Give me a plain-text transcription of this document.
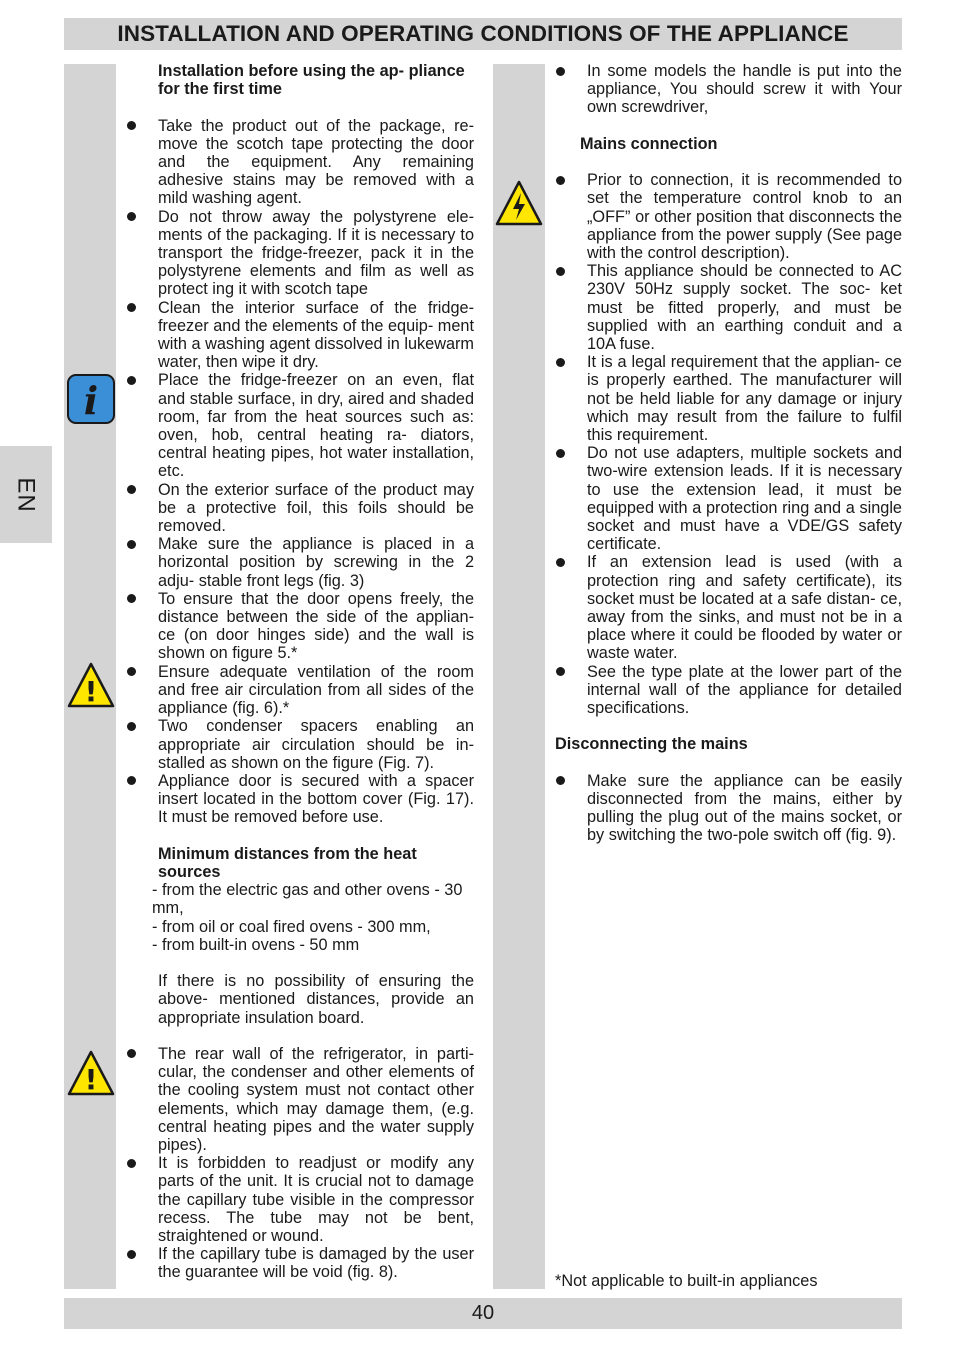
INSTALLATION AND OPERATING CONDITIONS OF THE APPLIANCE
EN
i
!
!

Installation before using the ap- pliance for the first time

Take the product out of the package, re- move the scotch tape protecting the door and the equipment. Any remaining adhesive stains may be removed with a mild washing agent.

Do not throw away the polystyrene ele- ments of the packaging. If it is necessary to transport the fridge-freezer, pack it in the polystyrene elements and film as well as protect ing it with scotch tape

Clean the interior surface of the fridge- freezer and the elements of the equip- ment with a washing agent dissolved in lukewarm water, then wipe it dry.

Place the fridge-freezer on an even, flat and stable surface, in dry, aired and shaded room, far from the heat sources such as: oven, hob, central heating ra- diators, central heating pipes, hot water installation, etc.

On the exterior surface of the product may be a protective foil, this foils should be removed.

Make sure the appliance is placed in a horizontal position by screwing in the 2 adju- stable front legs (fig. 3)

To ensure that the door opens freely, the distance between the side of the applian- ce (on door hinges side) and the wall is shown on figure 5.*

Ensure adequate ventilation of the room and free air circulation from all sides of the appliance (fig. 6).*

Two condenser spacers enabling an appropriate air circulation should be in- stalled as shown on the figure (Fig. 7).

Appliance door is secured with a spacer insert located in the bottom cover (Fig. 17). It must be removed before use.

Minimum distances from the heat sources

- from the electric gas and other ovens - 30 mm,

- from oil or coal fired ovens - 300 mm,

- from built-in ovens - 50 mm

If there is no possibility of ensuring the above- mentioned distances, provide an appropriate insulation board.

The rear wall of the refrigerator, in parti- cular, the condenser and other elements of the cooling system must not contact other elements, which may damage them, (e.g. central heating pipes and the water supply pipes).

It is forbidden to readjust or modify any parts of the unit. It is crucial not to damage the capillary tube visible in the compressor recess. The tube may not be bent, straightened or wound.

If the capillary tube is damaged by the user the guarantee will be void (fig. 8).

In some models the handle is put into the appliance, You should screw it with Your own screwdriver,

Mains connection

Prior to connection, it is recommended to set the temperature control knob to an „OFF” or other position that disconnects the appliance from the power supply (See page with the control description).

This appliance should be connected to AC 230V 50Hz supply socket. The soc- ket must be fitted properly, and must be supplied with an earthing conduit and a 10A fuse.

It is a legal requirement that the applian- ce is properly earthed. The manufacturer will not be held liable for any damage or injury which may result from the failure to fulfil this requirement.

Do not use adapters, multiple sockets and two-wire extension leads. If it is necessary to use the extension lead, it must be equipped with a protection ring and a single socket and must have a VDE/GS safety certificate.

If an extension lead is used (with a protection ring and safety certificate), its socket must be located at a safe distan- ce, away from the sinks, and must not be in a place where it could be flooded by water or waste water.

See the type plate at the lower part of the internal wall of the appliance for detailed specifications.

Disconnecting the mains

Make sure the appliance can be easily disconnected from the mains, either by pulling the plug out of the mains socket, or by switching the two-pole switch off (fig. 9).

*Not applicable to built-in appliances
40
